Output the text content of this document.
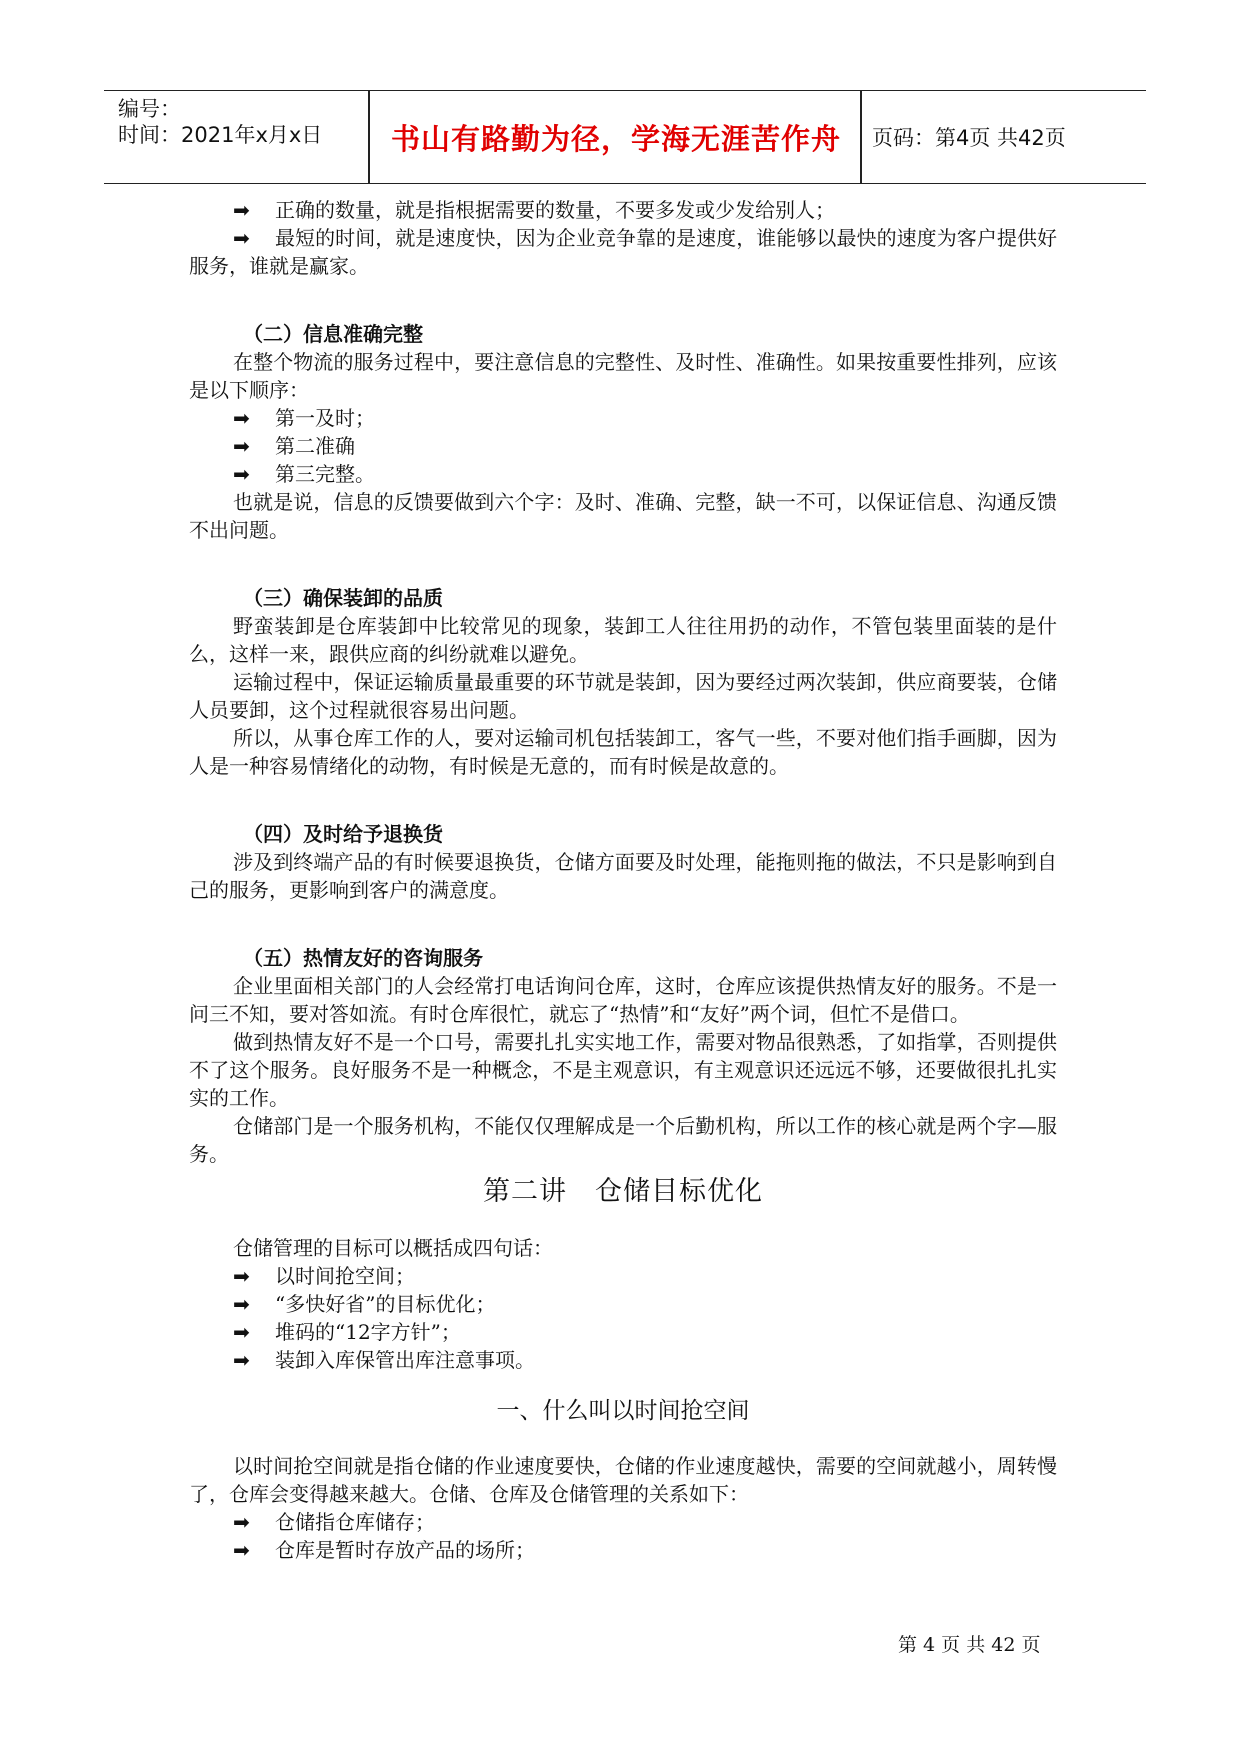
编号：
时间：2021年x月x日	书山有路勤为径，学海无涯苦作舟	页码：第4页 共42页

➡ 正确的数量，就是指根据需要的数量，不要多发或少发给别人；

➡ 最短的时间，就是速度快，因为企业竞争靠的是速度，谁能够以最快的速度为客户提供好服务，谁就是赢家。

（二）信息准确完整

在整个物流的服务过程中，要注意信息的完整性、及时性、准确性。如果按重要性排列，应该是以下顺序：

➡ 第一及时；

➡ 第二准确

➡ 第三完整。

也就是说，信息的反馈要做到六个字：及时、准确、完整，缺一不可，以保证信息、沟通反馈不出问题。

（三）确保装卸的品质

野蛮装卸是仓库装卸中比较常见的现象，装卸工人往往用扔的动作，不管包装里面装的是什么，这样一来，跟供应商的纠纷就难以避免。

运输过程中，保证运输质量最重要的环节就是装卸，因为要经过两次装卸，供应商要装，仓储人员要卸，这个过程就很容易出问题。

所以，从事仓库工作的人，要对运输司机包括装卸工，客气一些，不要对他们指手画脚，因为人是一种容易情绪化的动物，有时候是无意的，而有时候是故意的。

（四）及时给予退换货

涉及到终端产品的有时候要退换货，仓储方面要及时处理，能拖则拖的做法，不只是影响到自己的服务，更影响到客户的满意度。

（五）热情友好的咨询服务

企业里面相关部门的人会经常打电话询问仓库，这时，仓库应该提供热情友好的服务。不是一问三不知，要对答如流。有时仓库很忙，就忘了“热情”和“友好”两个词，但忙不是借口。

做到热情友好不是一个口号，需要扎扎实实地工作，需要对物品很熟悉，了如指掌，否则提供不了这个服务。良好服务不是一种概念，不是主观意识，有主观意识还远远不够，还要做很扎扎实实的工作。

仓储部门是一个服务机构，不能仅仅理解成是一个后勤机构，所以工作的核心就是两个字—服务。

第二讲　仓储目标优化

仓储管理的目标可以概括成四句话：

➡ 以时间抢空间；

➡ “多快好省”的目标优化；

➡ 堆码的“12字方针”；

➡ 装卸入库保管出库注意事项。

一、什么叫以时间抢空间

以时间抢空间就是指仓储的作业速度要快，仓储的作业速度越快，需要的空间就越小，周转慢了，仓库会变得越来越大。仓储、仓库及仓储管理的关系如下：

➡ 仓储指仓库储存；

➡ 仓库是暂时存放产品的场所；

第 4 页 共 42 页
